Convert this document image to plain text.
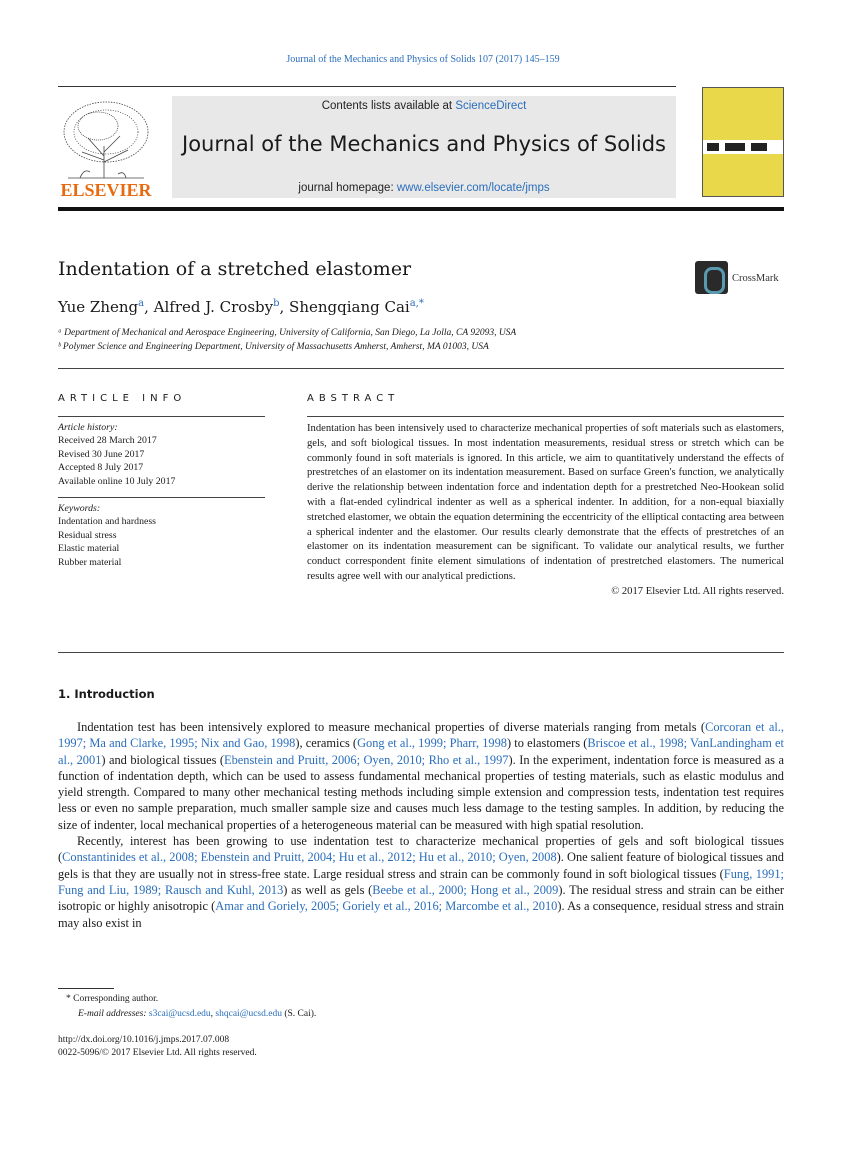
Journal of the Mechanics and Physics of Solids 107 (2017) 145–159
ELSEVIER
Contents lists available at ScienceDirect
Journal of the Mechanics and Physics of Solids
journal homepage: www.elsevier.com/locate/jmps
Indentation of a stretched elastomer	CrossMark
Yue Zheng$^a$, Alfred J. Crosby$^b$, Shengqiang Cai$^{a,*}$
ᵃ Department of Mechanical and Aerospace Engineering, University of California, San Diego, La Jolla, CA 92093, USA
ᵇ Polymer Science and Engineering Department, University of Massachusetts Amherst, Amherst, MA 01003, USA
ARTICLE INFO	ABSTRACT
Article history:
Received 28 March 2017
Revised 30 June 2017
Accepted 8 July 2017
Available online 10 July 2017
Keywords:
Indentation and hardness
Residual stress
Elastic material
Rubber material
Indentation has been intensively used to characterize mechanical properties of soft materials such as elastomers, gels, and soft biological tissues. In most indentation measurements, residual stress or stretch which can be commonly found in soft materials is ignored. In this article, we aim to quantitatively understand the effects of prestretches of an elastomer on its indentation measurement. Based on surface Green's function, we analytically derive the relationship between indentation force and indentation depth for a prestretched Neo-Hookean solid with a flat-ended cylindrical indenter as well as a spherical indenter. In addition, for a non-equal biaxially stretched elastomer, we obtain the equation determining the eccentricity of the elliptical contacting area between a spherical indenter and the elastomer. Our results clearly demonstrate that the effects of prestretches of an elastomer on its indentation measurement can be significant. To validate our analytical results, we further conduct correspondent finite element simulations of indentation of prestretched elastomers. The numerical results agree well with our analytical predictions.
© 2017 Elsevier Ltd. All rights reserved.
1. Introduction

Indentation test has been intensively explored to measure mechanical properties of diverse materials ranging from metals (Corcoran et al., 1997; Ma and Clarke, 1995; Nix and Gao, 1998), ceramics (Gong et al., 1999; Pharr, 1998) to elastomers (Briscoe et al., 1998; VanLandingham et al., 2001) and biological tissues (Ebenstein and Pruitt, 2006; Oyen, 2010; Rho et al., 1997). In the experiment, indentation force is measured as a function of indentation depth, which can be used to assess fundamental mechanical properties of testing materials, such as elastic modulus and yield strength. Compared to many other mechanical testing methods including simple extension and compression tests, indentation test requires less or even no sample preparation, much smaller sample size and causes much less damage to the testing samples. In addition, by reducing the size of indenter, local mechanical properties of a heterogeneous material can be measured with high spatial resolution.

Recently, interest has been growing to use indentation test to characterize mechanical properties of gels and soft biological tissues (Constantinides et al., 2008; Ebenstein and Pruitt, 2004; Hu et al., 2012; Hu et al., 2010; Oyen, 2008). One salient feature of biological tissues and gels is that they are usually not in stress-free state. Large residual stress and strain can be commonly found in soft biological tissues (Fung, 1991; Fung and Liu, 1989; Rausch and Kuhl, 2013) as well as gels (Beebe et al., 2000; Hong et al., 2009). The residual stress and strain can be either isotropic or highly anisotropic (Amar and Goriely, 2005; Goriely et al., 2016; Marcombe et al., 2010). As a consequence, residual stress and strain may also exist in

* Corresponding author.
E-mail addresses: s3cai@ucsd.edu, shqcai@ucsd.edu (S. Cai).
http://dx.doi.org/10.1016/j.jmps.2017.07.008
0022-5096/© 2017 Elsevier Ltd. All rights reserved.
